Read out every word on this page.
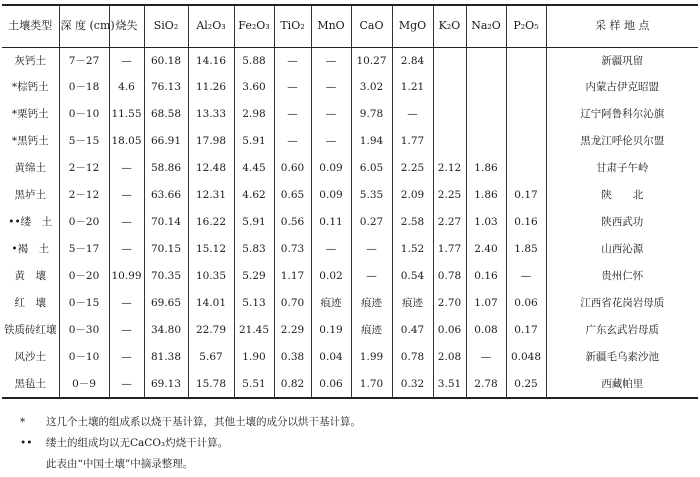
土壤类型	深 度 (cm)	烧失	SiO₂	Al₂O₃	Fe₂O₃	TiO₂	MnO	CaO	MgO	K₂O	Na₂O	P₂O₅	采 样 地 点
灰钙土	7－27	—	60.18	14.16	5.88	—	—	10.27	2.84				新疆巩留
*棕钙土	0－18	4.6	76.13	11.26	3.60	—	—	3.02	1.21				内蒙古伊克昭盟
*栗钙土	0－10	11.55	68.58	13.33	2.98	—	—	9.78	—				辽宁阿鲁科尔沁旗
*黑钙土	5－15	18.05	66.91	17.98	5.91	—	—	1.94	1.77				黑龙江呼伦贝尔盟
黄绵土	2－12	—	58.86	12.48	4.45	0.60	0.09	6.05	2.25	2.12	1.86		甘肃子午岭
黑垆土	2－12	—	63.66	12.31	4.62	0.65	0.09	5.35	2.09	2.25	1.86	0.17	陕　　北
••缕　土	0－20	—	70.14	16.22	5.91	0.56	0.11	0.27	2.58	2.27	1.03	0.16	陕西武功
•褐　土	5－17	—	70.15	15.12	5.83	0.73	—	—	1.52	1.77	2.40	1.85	山西沁源
黄　壤	0－20	10.99	70.35	10.35	5.29	1.17	0.02	—	0.54	0.78	0.16	—	贵州仁怀
红　壤	0－15	—	69.65	14.01	5.13	0.70	痕迹	痕迹	痕迹	2.70	1.07	0.06	江西省花岗岩母质
铁质砖红壤	0－30	—	34.80	22.79	21.45	2.29	0.19	痕迹	0.47	0.06	0.08	0.17	广东玄武岩母质
风沙土	0－10	—	81.38	5.67	1.90	0.38	0.04	1.99	0.78	2.08	—	0.048	新疆毛乌素沙池
黑毡土	0－9	—	69.13	15.78	5.51	0.82	0.06	1.70	0.32	3.51	2.78	0.25	西藏帕里
* 这几个土壤的组成系以烧干基计算，其他土壤的成分以烘干基计算。
•• 缕土的组成均以无CaCO₃灼烧干计算。
此表由“中国土壤”中摘录整理。
